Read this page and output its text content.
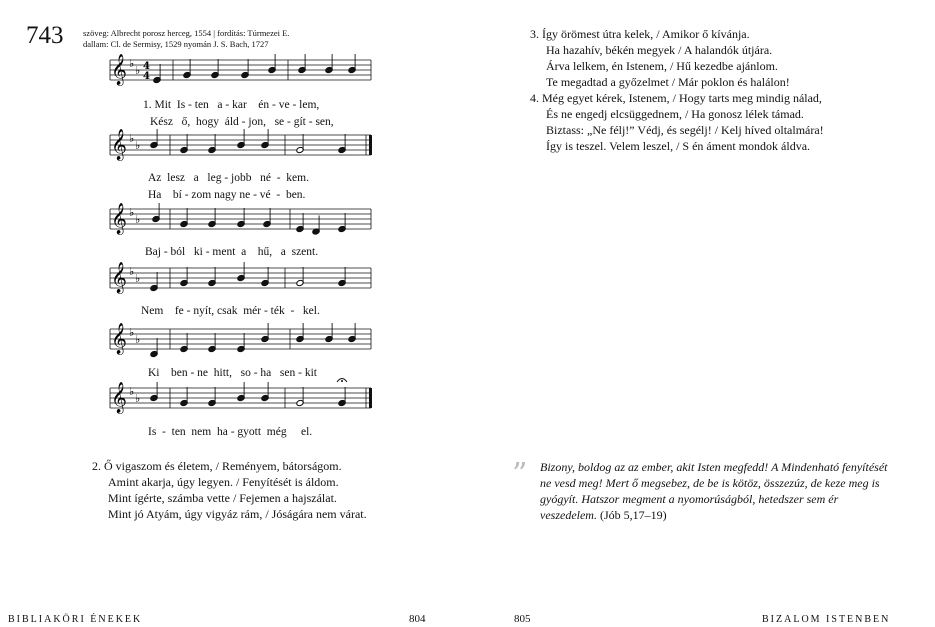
743 szöveg: Albrecht porosz herceg, 1554 | fordítás: Túrmezei E.
dallam: Cl. de Sermisy, 1529 nyomán J. S. Bach, 1727
𝄞 ♭
♭ 4
4
𝄞 ♭
♭
𝄞 ♭
♭
𝄞 ♭
♭
𝄞 ♭
♭
𝄞 ♭
♭
1. Mit  Is - ten   a - kar    én - ve - lem,
Kész   ő,  hogy  áld - jon,   se - gít - sen,
Az  lesz   a   leg - jobb   né  -  kem.
Ha    bí - zom nagy ne - vé  -  ben.
Baj - ból   ki - ment  a    hű,   a  szent.
Nem    fe - nyít, csak  mér - ték  -   kel.
Ki    ben - ne  hitt,   so - ha   sen - kit
Is  -  ten  nem  ha - gyott  még     el.
2. Ő vigaszom és életem, / Reményem, bátorságom.
Amint akarja, úgy legyen. / Fenyítését is áldom.
Mint ígérte, számba vette / Fejemen a hajszálat.
Mint jó Atyám, úgy vigyáz rám, / Jóságára nem várat.
3. Így örömest útra kelek, / Amikor ő kívánja.
Ha hazahív, békén megyek / A halandók útjára.
Árva lelkem, én Istenem, / Hű kezedbe ajánlom.
Te megadtad a győzelmet / Már poklon és halálon!
4. Még egyet kérek, Istenem, / Hogy tarts meg mindig nálad,
És ne engedj elcsüggednem, / Ha gonosz lélek támad.
Biztass: „Ne félj!” Védj, és segélj! / Kelj híved oltalmára!
Így is teszel. Velem leszel, / S én áment mondok áldva.
” Bizony, boldog az az ember, akit Isten megfedd! A Mindenható fenyítését ne vesd meg! Mert ő megsebez, de be is kötöz, összezúz, de keze meg is gyógyít. Hatszor megment a nyomorúságból, hetedszer sem ér veszedelem. (Jób 5,17–19)
BIBLIAKÖRI ÉNEKEK	804	805	BIZALOM ISTENBEN
